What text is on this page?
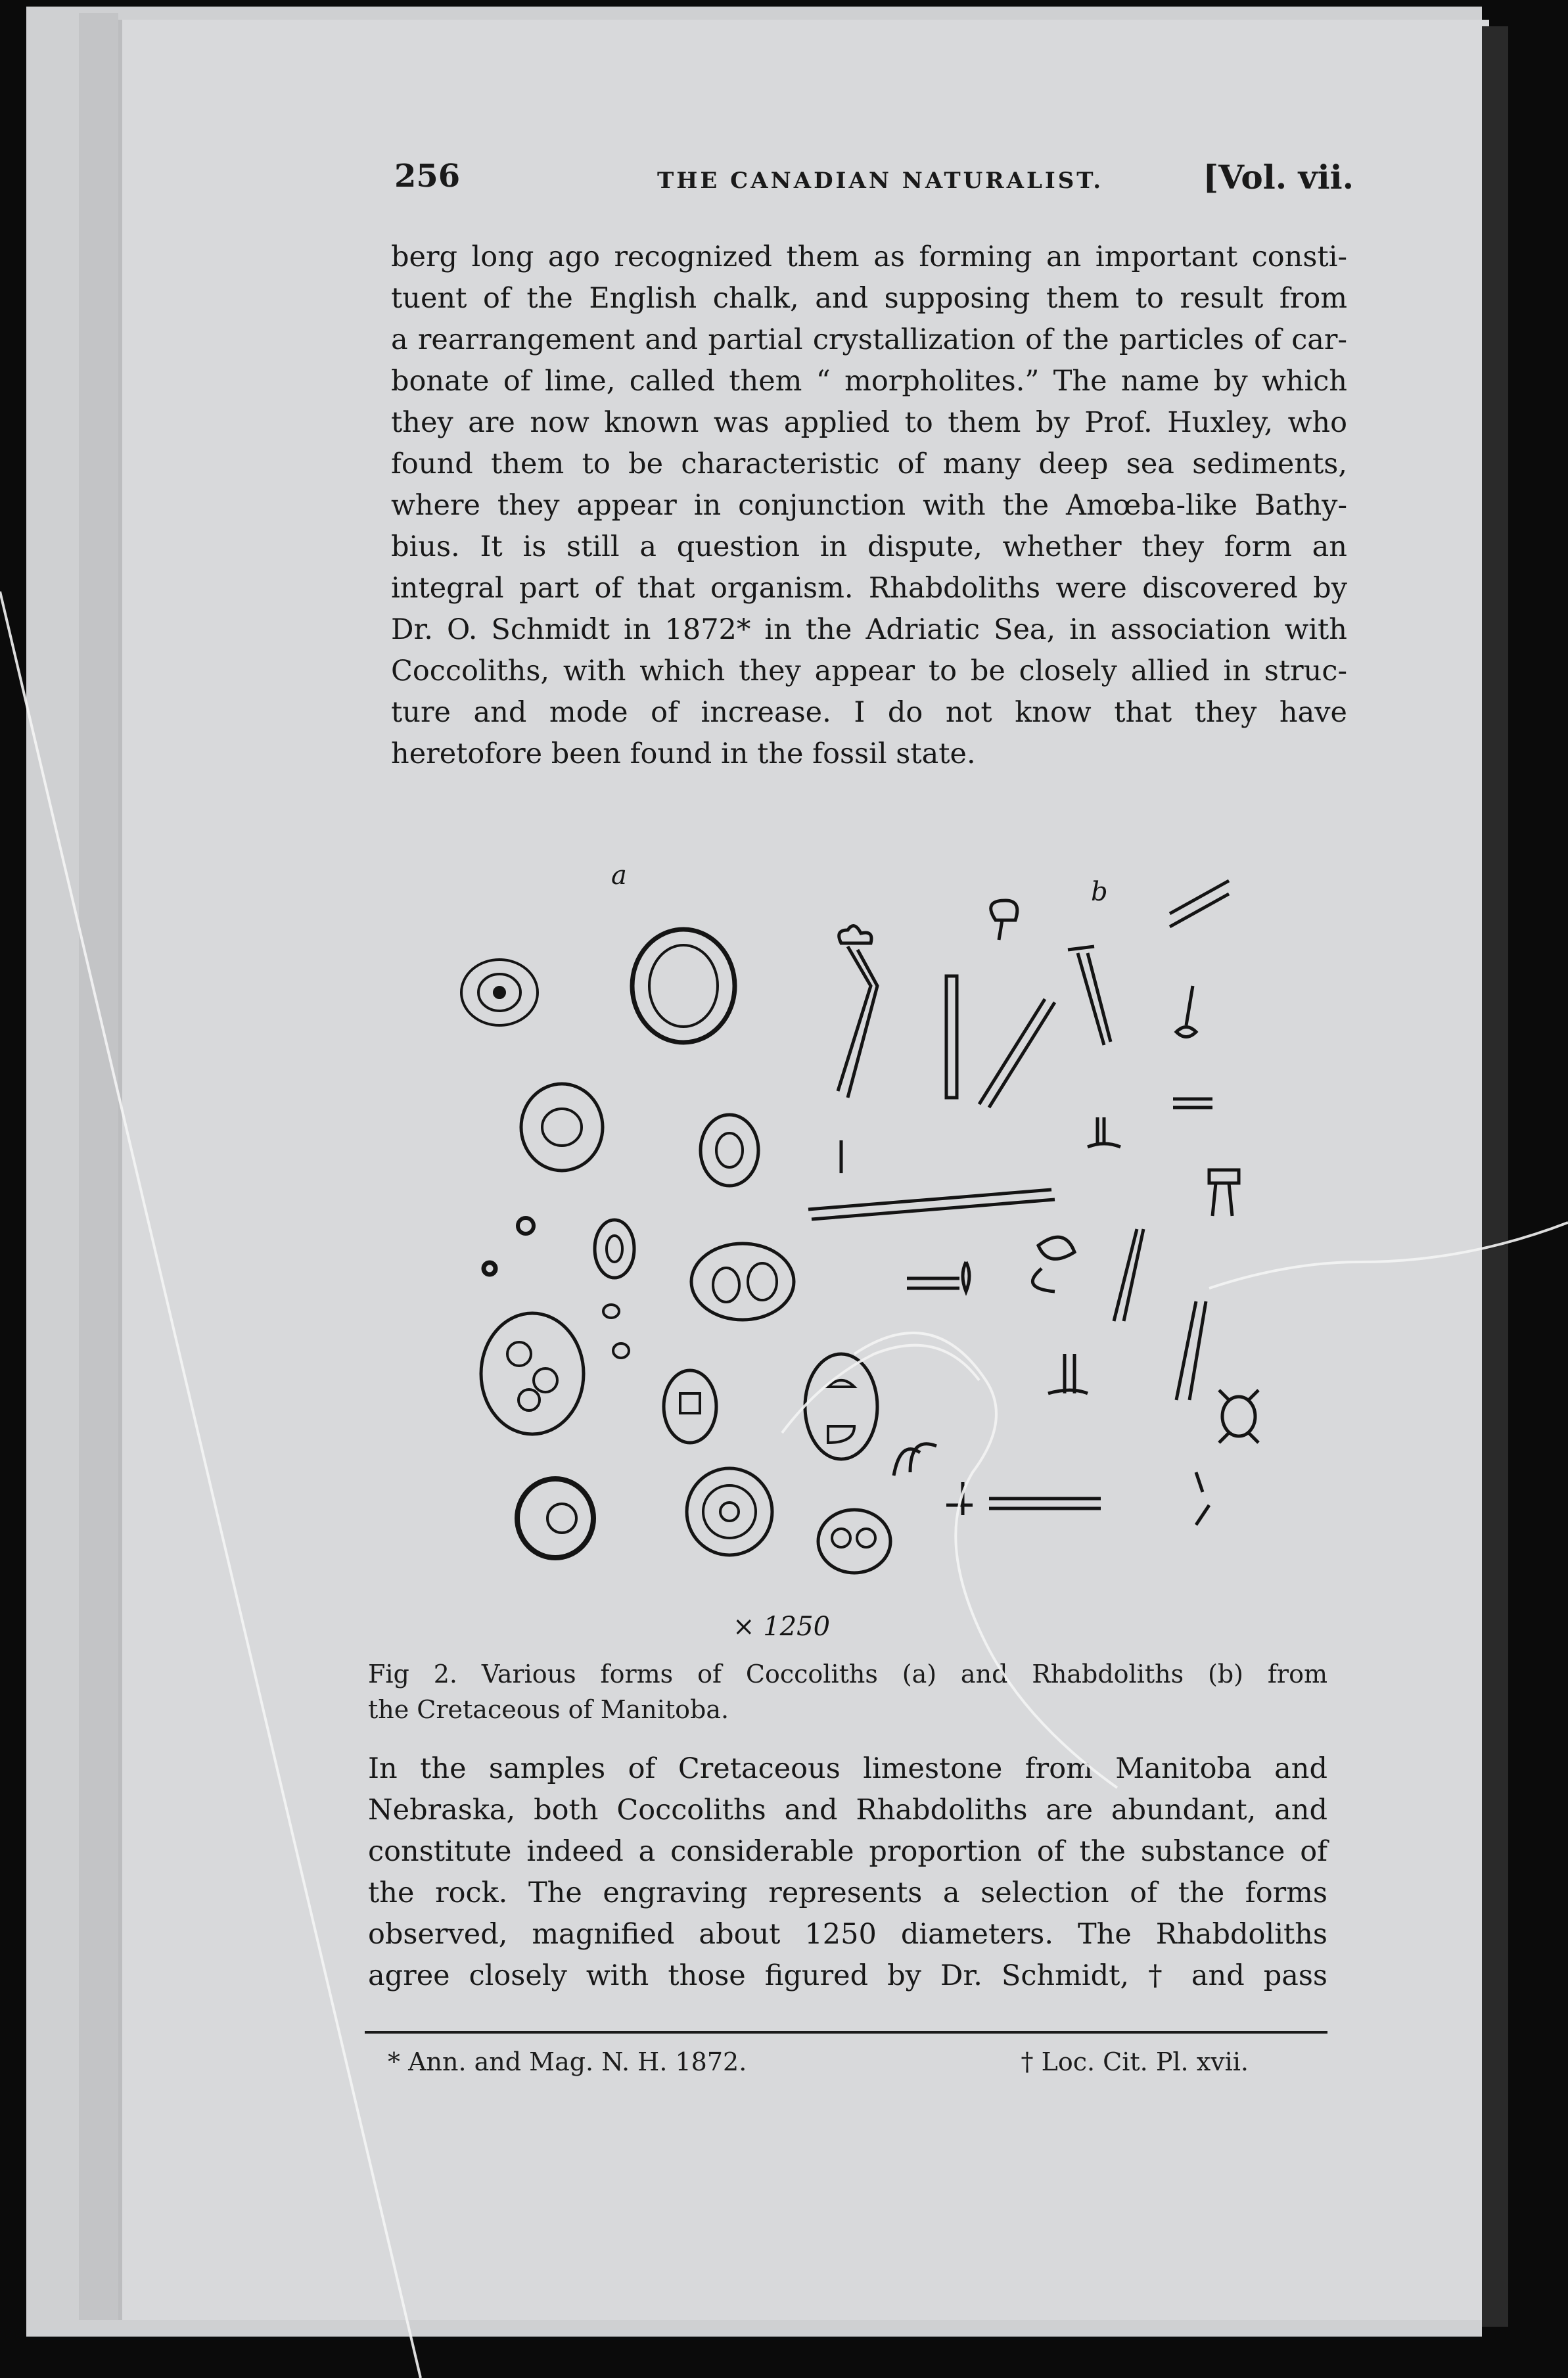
256	THE CANADIAN NATURALIST.	[Vol. vii.
berg long ago recognized them as forming an important consti-
tuent of the English chalk, and supposing them to result from
a rearrangement and partial crystallization of the particles of car-
bonate of lime, called them “ morpholites.” The name by which
they are now known was applied to them by Prof. Huxley, who
found them to be characteristic of many deep sea sediments,
where they appear in conjunction with the Amœba-like Bathy-
bius. It is still a question in dispute, whether they form an
integral part of that organism. Rhabdoliths were discovered by
Dr. O. Schmidt in 1872* in the Adriatic Sea, in association with
Coccoliths, with which they appear to be closely allied in struc-
ture and mode of increase. I do not know that they have
heretofore been found in the fossil state.
a
b
× 1250
Fig 2. Various forms of Coccoliths (a) and Rhabdoliths (b) from
the Cretaceous of Manitoba.
In the samples of Cretaceous limestone from Manitoba and
Nebraska, both Coccoliths and Rhabdoliths are abundant, and
constitute indeed a considerable proportion of the substance of
the rock. The engraving represents a selection of the forms
observed, magnified about 1250 diameters. The Rhabdoliths
agree closely with those figured by Dr. Schmidt, † and pass
* Ann. and Mag. N. H. 1872.	† Loc. Cit. Pl. xvii.
